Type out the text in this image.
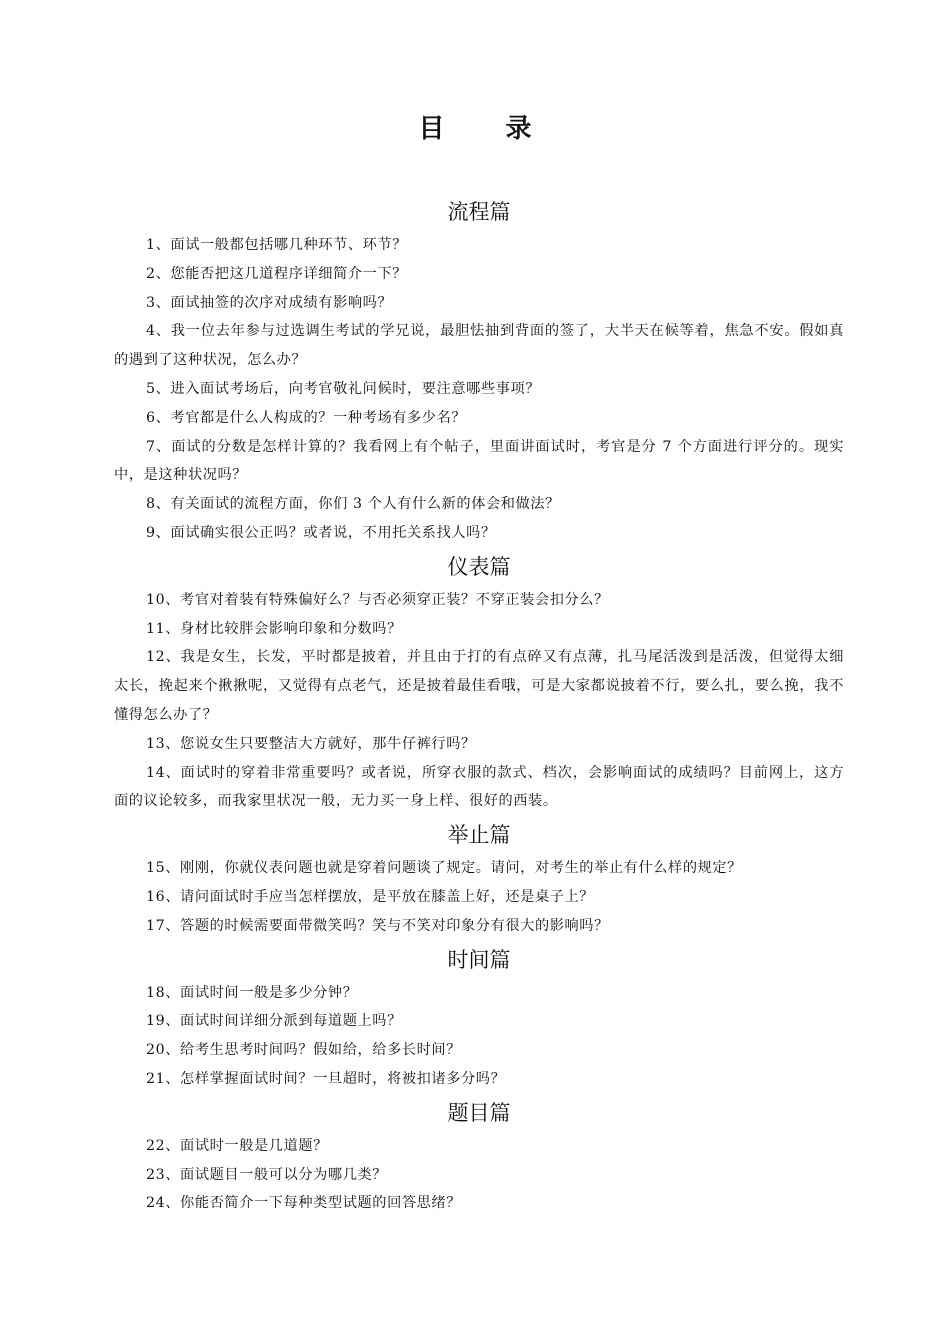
目 录
流程篇

1、面试一般都包括哪几种环节、环节？

2、您能否把这几道程序详细简介一下？

3、面试抽签的次序对成绩有影响吗？

4、我一位去年参与过选调生考试的学兄说，最胆怯抽到背面的签了，大半天在候等着，焦急不安。假如真的遇到了这种状况，怎么办？

5、进入面试考场后，向考官敬礼问候时，要注意哪些事项？

6、考官都是什么人构成的？一种考场有多少名？

7、面试的分数是怎样计算的？我看网上有个帖子，里面讲面试时，考官是分 7 个方面进行评分的。现实中，是这种状况吗？

8、有关面试的流程方面，你们 3 个人有什么新的体会和做法？

9、面试确实很公正吗？或者说，不用托关系找人吗？

仪表篇

10、考官对着装有特殊偏好么？与否必须穿正装？不穿正装会扣分么？

11、身材比较胖会影响印象和分数吗？

12、我是女生，长发，平时都是披着，并且由于打的有点碎又有点薄，扎马尾活泼到是活泼，但觉得太细太长，挽起来个揪揪呢，又觉得有点老气，还是披着最佳看哦，可是大家都说披着不行，要么扎，要么挽，我不懂得怎么办了？

13、您说女生只要整洁大方就好，那牛仔裤行吗？

14、面试时的穿着非常重要吗？或者说，所穿衣服的款式、档次，会影响面试的成绩吗？目前网上，这方面的议论较多，而我家里状况一般，无力买一身上样、很好的西装。

举止篇

15、刚刚，你就仪表问题也就是穿着问题谈了规定。请问，对考生的举止有什么样的规定？

16、请问面试时手应当怎样摆放，是平放在膝盖上好，还是桌子上？

17、答题的时候需要面带微笑吗？笑与不笑对印象分有很大的影响吗？

时间篇

18、面试时间一般是多少分钟？

19、面试时间详细分派到每道题上吗？

20、给考生思考时间吗？假如给，给多长时间？

21、怎样掌握面试时间？一旦超时，将被扣诸多分吗？

题目篇

22、面试时一般是几道题？

23、面试题目一般可以分为哪几类？

24、你能否简介一下每种类型试题的回答思绪？
